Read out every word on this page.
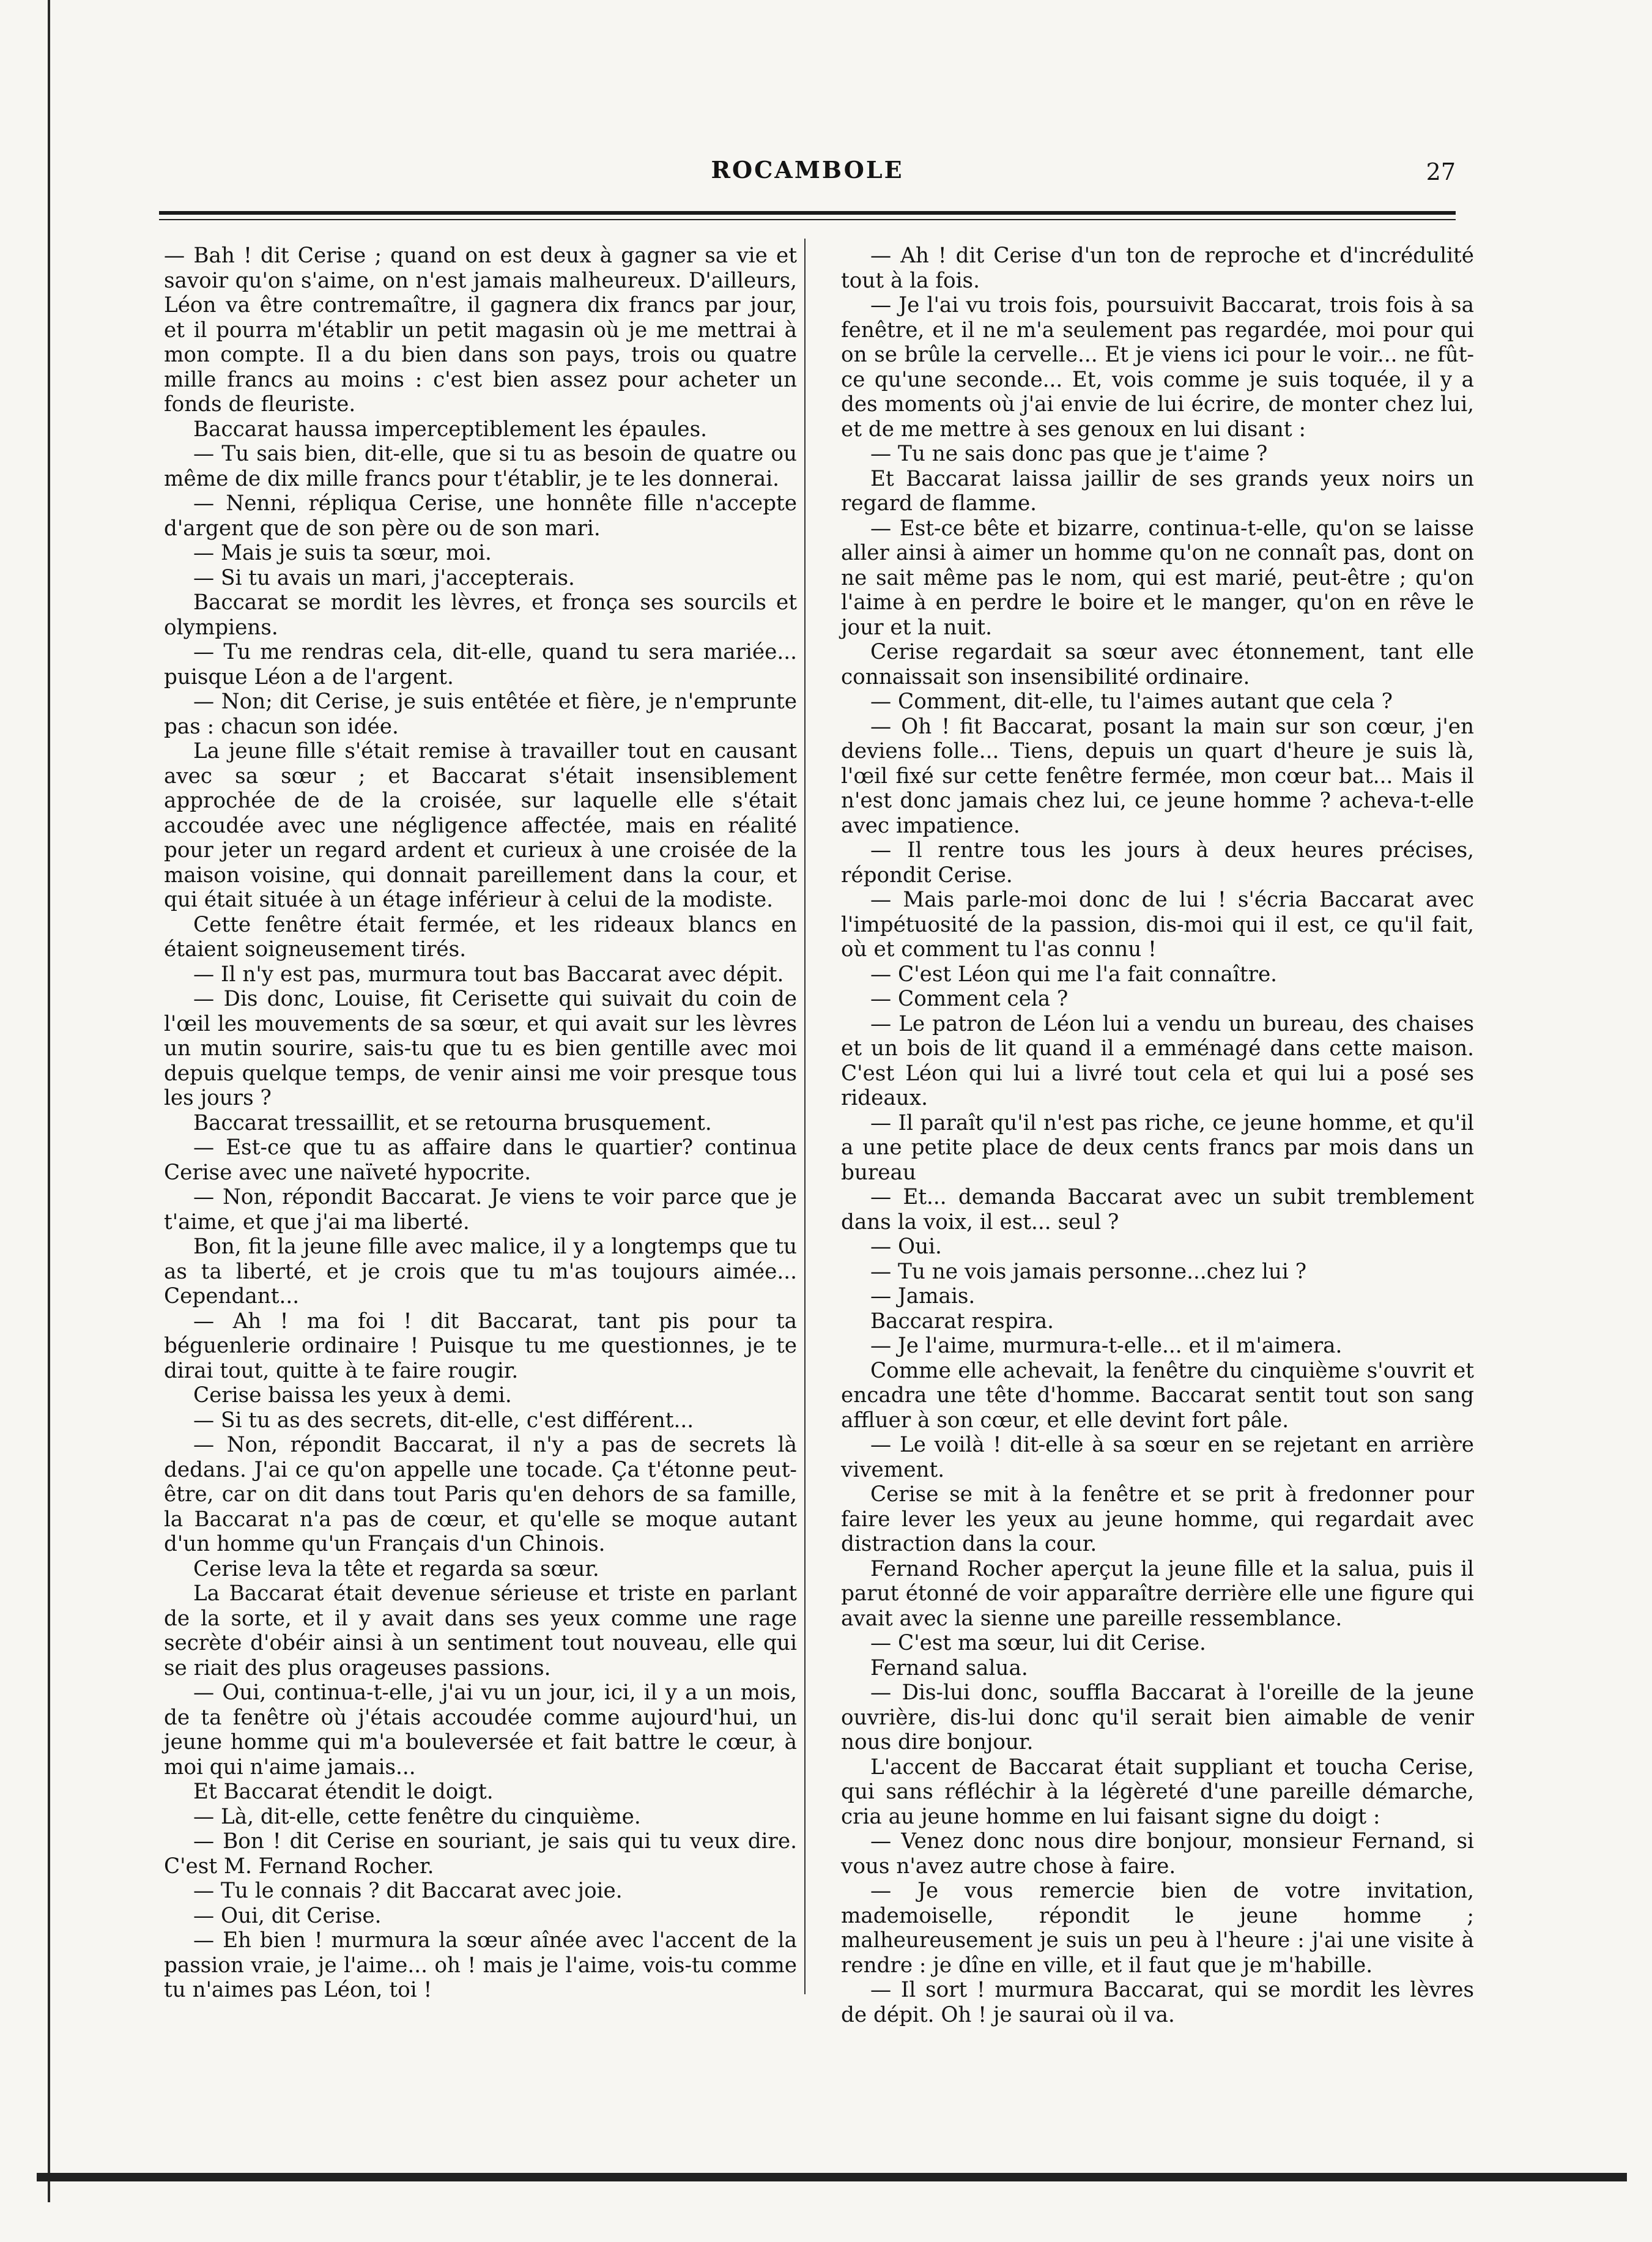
ROCAMBOLE	27

— Bah ! dit Cerise ; quand on est deux à gagner sa vie et savoir qu'on s'aime, on n'est jamais malheureux. D'ailleurs, Léon va être contremaître, il gagnera dix francs par jour, et il pourra m'établir un petit magasin où je me mettrai à mon compte. Il a du bien dans son pays, trois ou quatre mille francs au moins : c'est bien assez pour acheter un fonds de fleuriste.

Baccarat haussa imperceptiblement les épaules.

— Tu sais bien, dit-elle, que si tu as besoin de quatre ou même de dix mille francs pour t'établir, je te les donnerai.

— Nenni, répliqua Cerise, une honnête fille n'accepte d'argent que de son père ou de son mari.

— Mais je suis ta sœur, moi.

— Si tu avais un mari, j'accepterais.

Baccarat se mordit les lèvres, et fronça ses sourcils et olympiens.

— Tu me rendras cela, dit-elle, quand tu sera mariée... puisque Léon a de l'argent.

— Non; dit Cerise, je suis entêtée et fière, je n'emprunte pas : chacun son idée.

La jeune fille s'était remise à travailler tout en causant avec sa sœur ; et Baccarat s'était insensiblement approchée de de la croisée, sur laquelle elle s'était accoudée avec une négligence affectée, mais en réalité pour jeter un regard ardent et curieux à une croisée de la maison voisine, qui donnait pareillement dans la cour, et qui était située à un étage inférieur à celui de la modiste.

Cette fenêtre était fermée, et les rideaux blancs en étaient soigneusement tirés.

— Il n'y est pas, murmura tout bas Baccarat avec dépit.

— Dis donc, Louise, fit Cerisette qui suivait du coin de l'œil les mouvements de sa sœur, et qui avait sur les lèvres un mutin sourire, sais-tu que tu es bien gentille avec moi depuis quelque temps, de venir ainsi me voir presque tous les jours ?

Baccarat tressaillit, et se retourna brusquement.

— Est-ce que tu as affaire dans le quartier? continua Cerise avec une naïveté hypocrite.

— Non, répondit Baccarat. Je viens te voir parce que je t'aime, et que j'ai ma liberté.

Bon, fit la jeune fille avec malice, il y a longtemps que tu as ta liberté, et je crois que tu m'as toujours aimée... Cependant...

— Ah ! ma foi ! dit Baccarat, tant pis pour ta béguenlerie ordinaire ! Puisque tu me questionnes, je te dirai tout, quitte à te faire rougir.

Cerise baissa les yeux à demi.

— Si tu as des secrets, dit-elle, c'est différent...

— Non, répondit Baccarat, il n'y a pas de secrets là dedans. J'ai ce qu'on appelle une tocade. Ça t'étonne peut-être, car on dit dans tout Paris qu'en dehors de sa famille, la Baccarat n'a pas de cœur, et qu'elle se moque autant d'un homme qu'un Français d'un Chinois.

Cerise leva la tête et regarda sa sœur.

La Baccarat était devenue sérieuse et triste en parlant de la sorte, et il y avait dans ses yeux comme une rage secrète d'obéir ainsi à un sentiment tout nouveau, elle qui se riait des plus orageuses passions.

— Oui, continua-t-elle, j'ai vu un jour, ici, il y a un mois, de ta fenêtre où j'étais accoudée comme aujourd'hui, un jeune homme qui m'a bouleversée et fait battre le cœur, à moi qui n'aime jamais...

Et Baccarat étendit le doigt.

— Là, dit-elle, cette fenêtre du cinquième.

— Bon ! dit Cerise en souriant, je sais qui tu veux dire. C'est M. Fernand Rocher.

— Tu le connais ? dit Baccarat avec joie.

— Oui, dit Cerise.

— Eh bien ! murmura la sœur aînée avec l'accent de la passion vraie, je l'aime... oh ! mais je l'aime, vois-tu comme tu n'aimes pas Léon, toi !

— Ah ! dit Cerise d'un ton de reproche et d'incrédulité tout à la fois.

— Je l'ai vu trois fois, poursuivit Baccarat, trois fois à sa fenêtre, et il ne m'a seulement pas regardée, moi pour qui on se brûle la cervelle... Et je viens ici pour le voir... ne fût-ce qu'une seconde... Et, vois comme je suis toquée, il y a des moments où j'ai envie de lui écrire, de monter chez lui, et de me mettre à ses genoux en lui disant :

— Tu ne sais donc pas que je t'aime ?

Et Baccarat laissa jaillir de ses grands yeux noirs un regard de flamme.

— Est-ce bête et bizarre, continua-t-elle, qu'on se laisse aller ainsi à aimer un homme qu'on ne connaît pas, dont on ne sait même pas le nom, qui est marié, peut-être ; qu'on l'aime à en perdre le boire et le manger, qu'on en rêve le jour et la nuit.

Cerise regardait sa sœur avec étonnement, tant elle connaissait son insensibilité ordinaire.

— Comment, dit-elle, tu l'aimes autant que cela ?

— Oh ! fit Baccarat, posant la main sur son cœur, j'en deviens folle... Tiens, depuis un quart d'heure je suis là, l'œil fixé sur cette fenêtre fermée, mon cœur bat... Mais il n'est donc jamais chez lui, ce jeune homme ? acheva-t-elle avec impatience.

— Il rentre tous les jours à deux heures précises, répondit Cerise.

— Mais parle-moi donc de lui ! s'écria Baccarat avec l'impétuosité de la passion, dis-moi qui il est, ce qu'il fait, où et comment tu l'as connu !

— C'est Léon qui me l'a fait connaître.

— Comment cela ?

— Le patron de Léon lui a vendu un bureau, des chaises et un bois de lit quand il a emménagé dans cette maison. C'est Léon qui lui a livré tout cela et qui lui a posé ses rideaux.

— Il paraît qu'il n'est pas riche, ce jeune homme, et qu'il a une petite place de deux cents francs par mois dans un bureau

— Et... demanda Baccarat avec un subit tremblement dans la voix, il est... seul ?

— Oui.

— Tu ne vois jamais personne...chez lui ?

— Jamais.

Baccarat respira.

— Je l'aime, murmura-t-elle... et il m'aimera.

Comme elle achevait, la fenêtre du cinquième s'ouvrit et encadra une tête d'homme. Baccarat sentit tout son sang affluer à son cœur, et elle devint fort pâle.

— Le voilà ! dit-elle à sa sœur en se rejetant en arrière vivement.

Cerise se mit à la fenêtre et se prit à fredonner pour faire lever les yeux au jeune homme, qui regardait avec distraction dans la cour.

Fernand Rocher aperçut la jeune fille et la salua, puis il parut étonné de voir apparaître derrière elle une figure qui avait avec la sienne une pareille ressemblance.

— C'est ma sœur, lui dit Cerise.

Fernand salua.

— Dis-lui donc, souffla Baccarat à l'oreille de la jeune ouvrière, dis-lui donc qu'il serait bien aimable de venir nous dire bonjour.

L'accent de Baccarat était suppliant et toucha Cerise, qui sans réfléchir à la légèreté d'une pareille démarche, cria au jeune homme en lui faisant signe du doigt :

— Venez donc nous dire bonjour, monsieur Fernand, si vous n'avez autre chose à faire.

— Je vous remercie bien de votre invitation, mademoiselle, répondit le jeune homme ; malheureusement je suis un peu à l'heure : j'ai une visite à rendre : je dîne en ville, et il faut que je m'habille.

— Il sort ! murmura Baccarat, qui se mordit les lèvres de dépit. Oh ! je saurai où il va.
